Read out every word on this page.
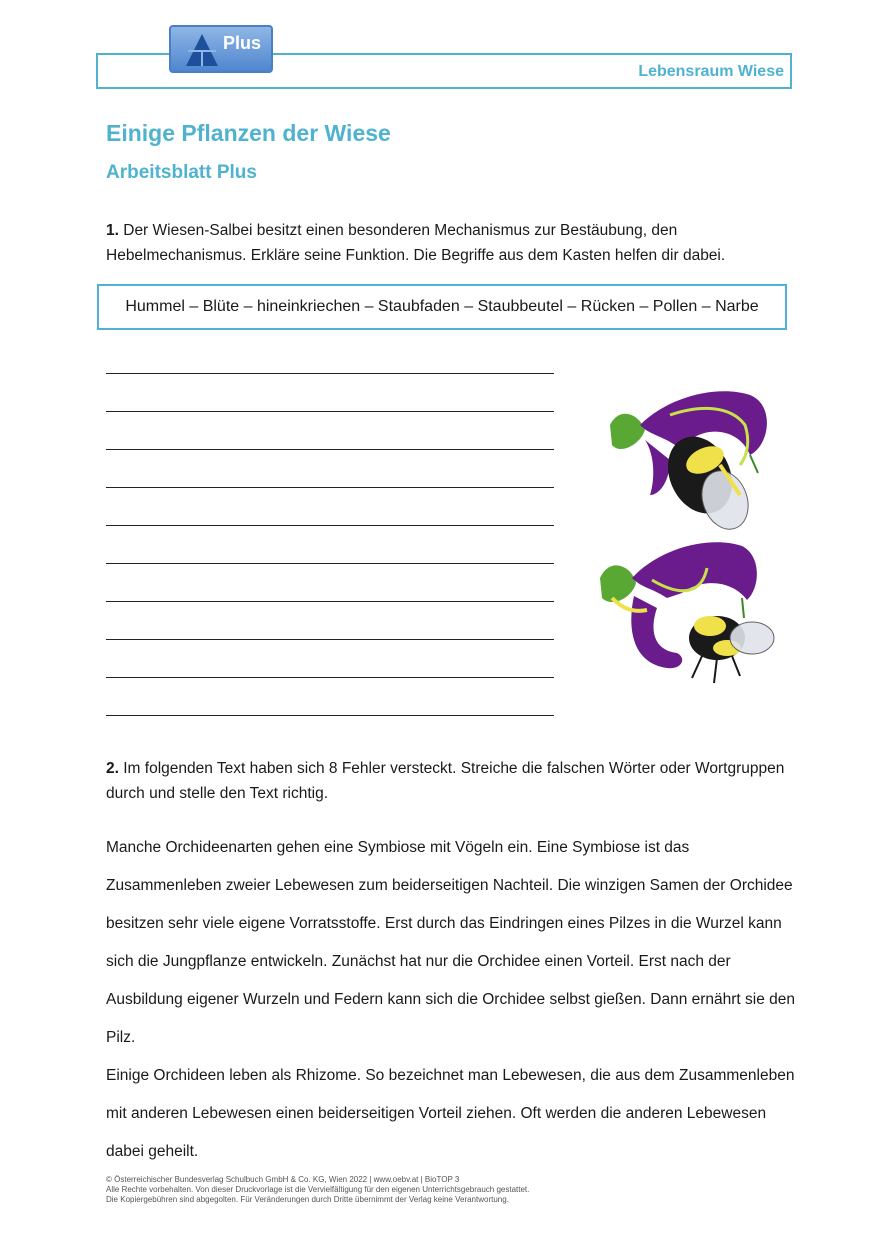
Plus
Lebensraum Wiese
Einige Pflanzen der Wiese
Arbeitsblatt Plus
1. Der Wiesen-Salbei besitzt einen besonderen Mechanismus zur Bestäubung, den Hebelmechanismus. Erkläre seine Funktion. Die Begriffe aus dem Kasten helfen dir dabei.
Hummel – Blüte – hineinkriechen – Staubfaden – Staubbeutel – Rücken – Pollen – Narbe
2. Im folgenden Text haben sich 8 Fehler versteckt. Streiche die falschen Wörter oder Wortgruppen durch und stelle den Text richtig.
Manche Orchideenarten gehen eine Symbiose mit Vögeln ein. Eine Symbiose ist das Zusammenleben zweier Lebewesen zum beiderseitigen Nachteil. Die winzigen Samen der Orchidee besitzen sehr viele eigene Vorratsstoffe. Erst durch das Eindringen eines Pilzes in die Wurzel kann sich die Jungpflanze entwickeln. Zunächst hat nur die Orchidee einen Vorteil. Erst nach der Ausbildung eigener Wurzeln und Federn kann sich die Orchidee selbst gießen. Dann ernährt sie den Pilz.
Einige Orchideen leben als Rhizome. So bezeichnet man Lebewesen, die aus dem Zusammenleben mit anderen Lebewesen einen beiderseitigen Vorteil ziehen. Oft werden die anderen Lebewesen dabei geheilt.
© Österreichischer Bundesverlag Schulbuch GmbH & Co. KG, Wien 2022 | www.oebv.at | BioTOP 3
Alle Rechte vorbehalten. Von dieser Druckvorlage ist die Vervielfältigung für den eigenen Unterrichtsgebrauch gestattet.
Die Kopiergebühren sind abgegolten. Für Veränderungen durch Dritte übernimmt der Verlag keine Verantwortung.
